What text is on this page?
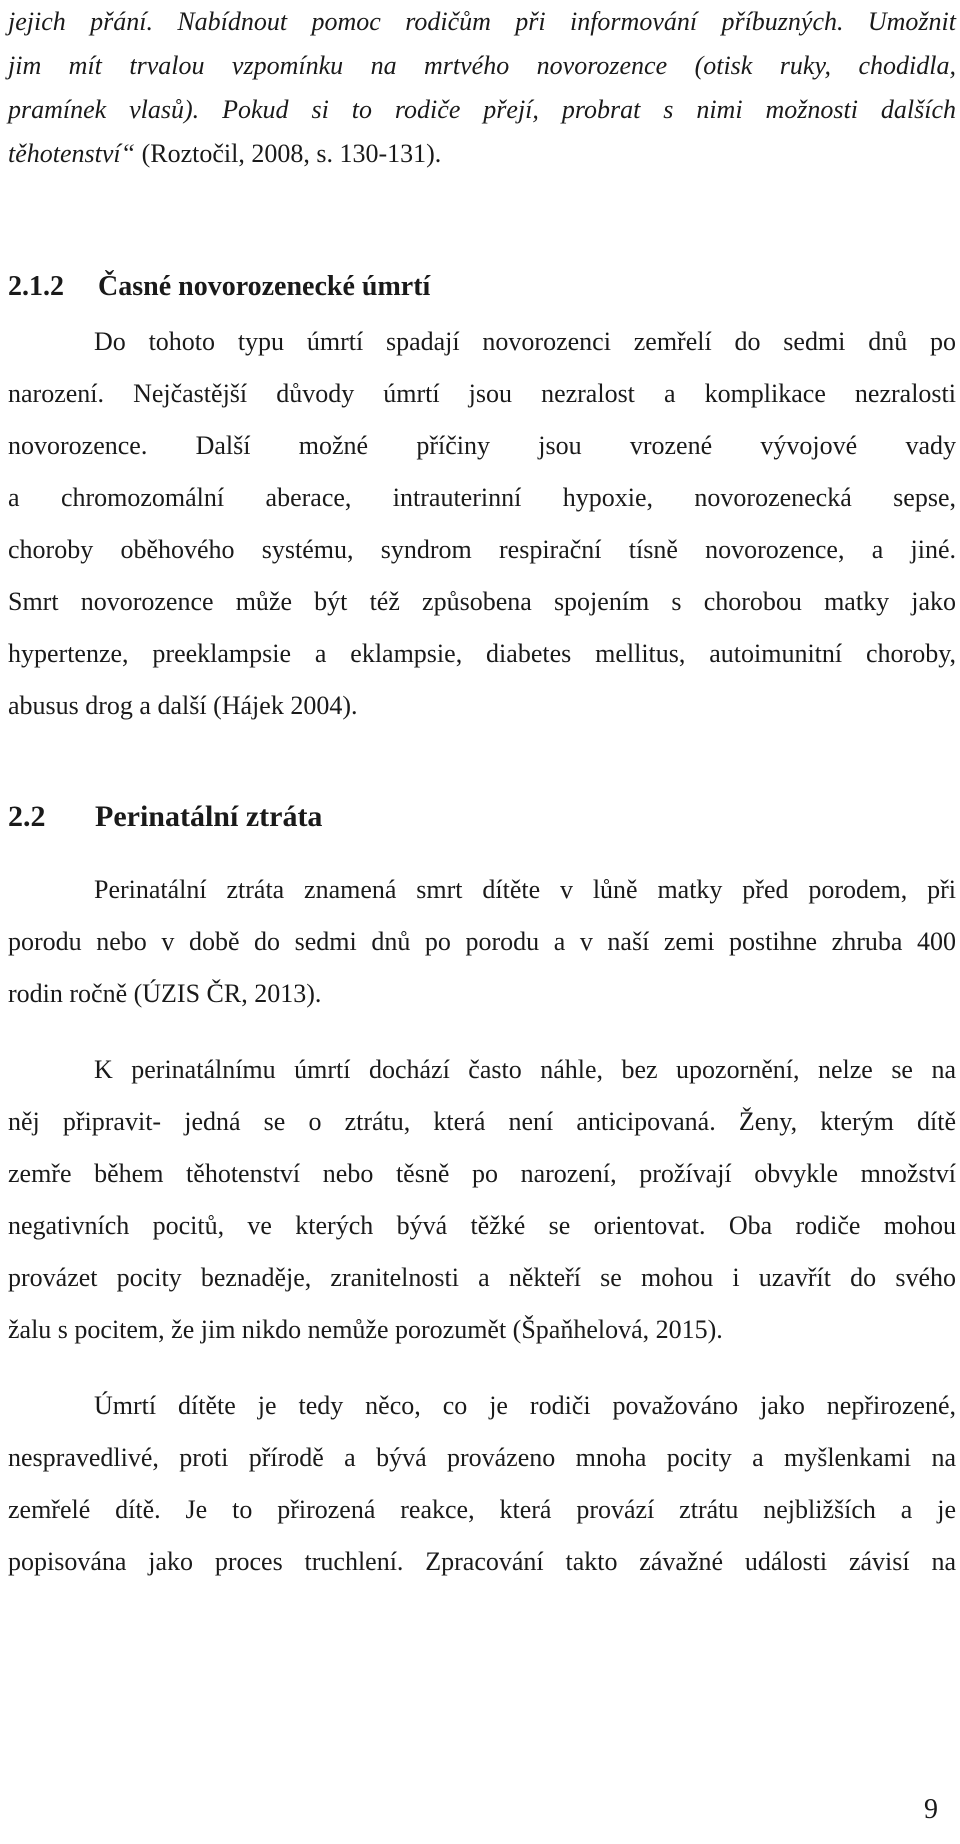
jejich přání. Nabídnout pomoc rodičům při informování příbuzných. Umožnit
jim mít trvalou vzpomínku na mrtvého novorozence (otisk ruky, chodidla,
pramínek vlasů). Pokud si to rodiče přejí, probrat s nimi možnosti dalších
těhotenství“ (Roztočil, 2008, s. 130-131).
2.1.2 Časné novorozenecké úmrtí
Do tohoto typu úmrtí spadají novorozenci zemřelí do sedmi dnů po
narození. Nejčastější důvody úmrtí jsou nezralost a komplikace nezralosti
novorozence. Další možné příčiny jsou vrozené vývojové vady
a chromozomální aberace, intrauterinní hypoxie, novorozenecká sepse,
choroby oběhového systému, syndrom respirační tísně novorozence, a jiné.
Smrt novorozence může být též způsobena spojením s chorobou matky jako
hypertenze, preeklampsie a eklampsie, diabetes mellitus, autoimunitní choroby,
abusus drog a další (Hájek 2004).
2.2 Perinatální ztráta
Perinatální ztráta znamená smrt dítěte v lůně matky před porodem, při
porodu nebo v době do sedmi dnů po porodu a v naší zemi postihne zhruba 400
rodin ročně (ÚZIS ČR, 2013).
K perinatálnímu úmrtí dochází často náhle, bez upozornění, nelze se na
něj připravit- jedná se o ztrátu, která není anticipovaná. Ženy, kterým dítě
zemře během těhotenství nebo těsně po narození, prožívají obvykle množství
negativních pocitů, ve kterých bývá těžké se orientovat. Oba rodiče mohou
provázet pocity beznaděje, zranitelnosti a někteří se mohou i uzavřít do svého
žalu s pocitem, že jim nikdo nemůže porozumět (Špaňhelová, 2015).
Úmrtí dítěte je tedy něco, co je rodiči považováno jako nepřirozené,
nespravedlivé, proti přírodě a bývá provázeno mnoha pocity a myšlenkami na
zemřelé dítě. Je to přirozená reakce, která provází ztrátu nejbližších a je
popisována jako proces truchlení. Zpracování takto závažné události závisí na
9
